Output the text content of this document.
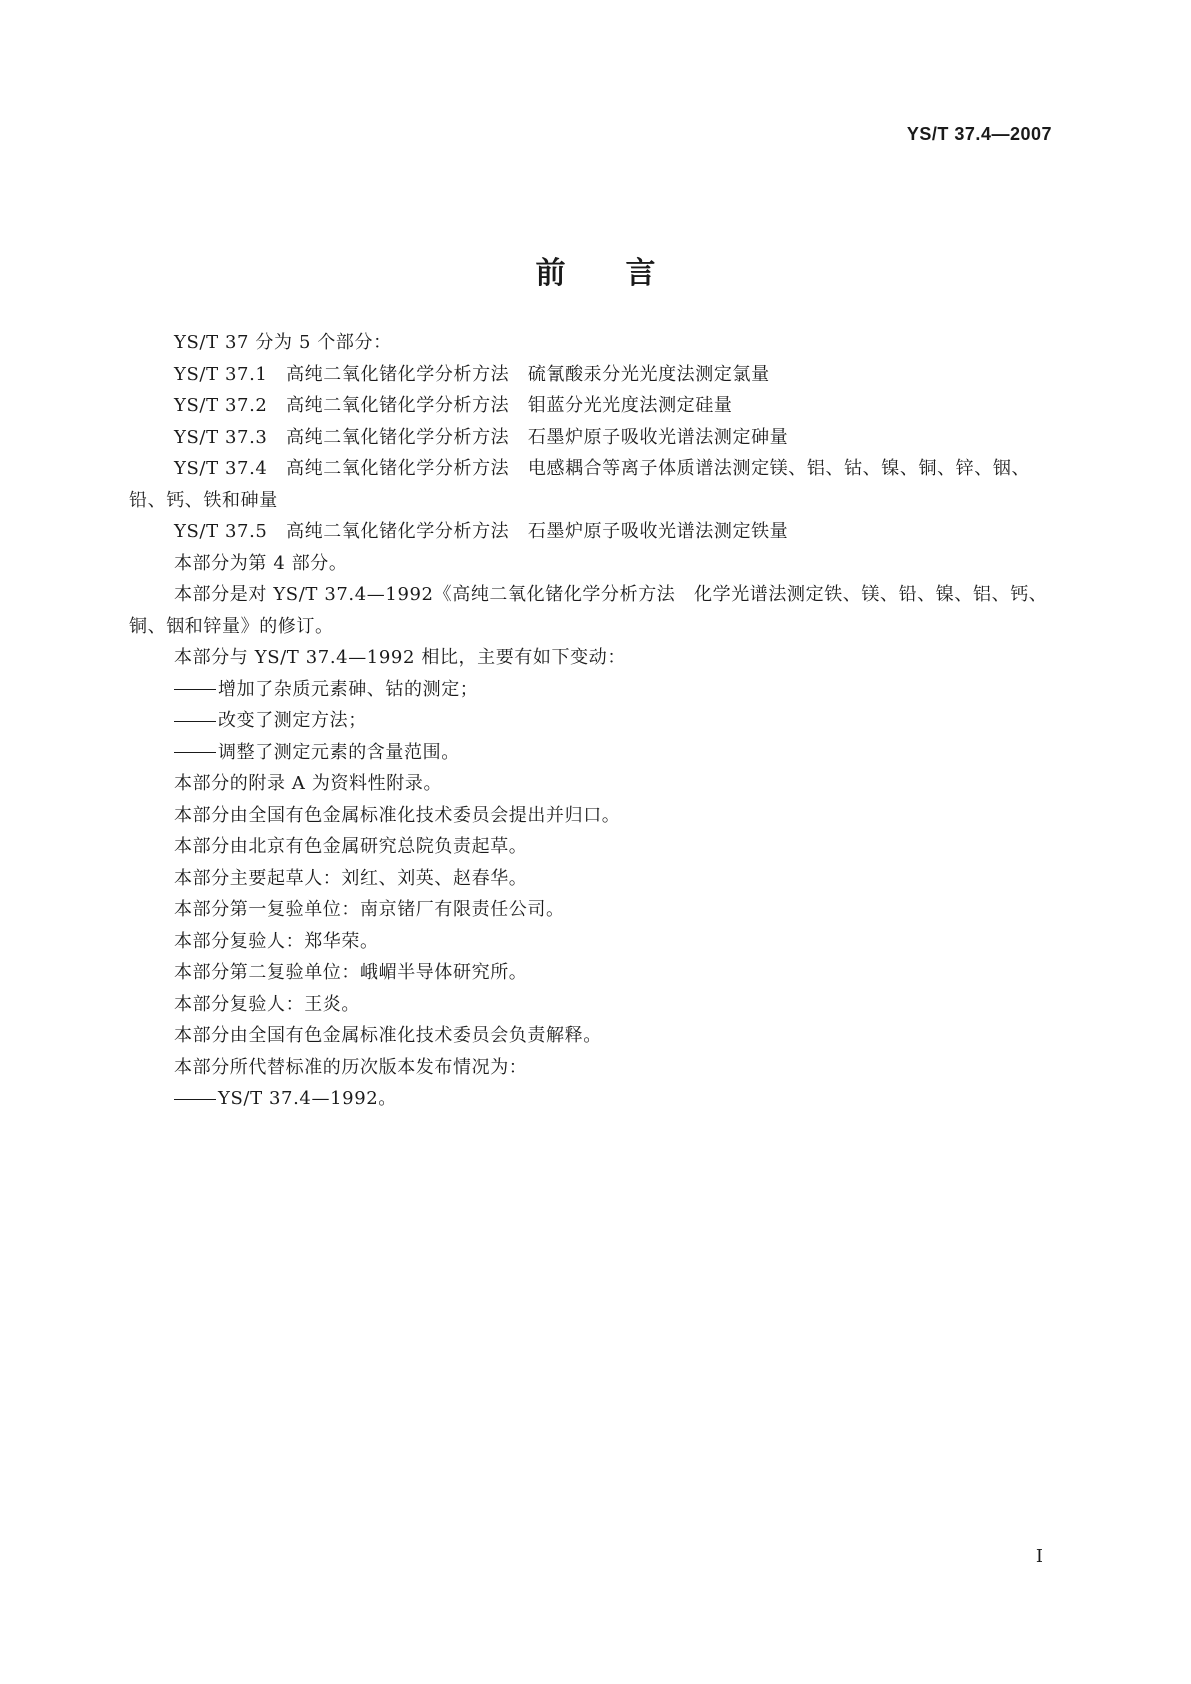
YS/T 37.4—2007
前言

YS/T 37 分为 5 个部分：

YS/T 37.1　高纯二氧化锗化学分析方法　硫氰酸汞分光光度法测定氯量

YS/T 37.2　高纯二氧化锗化学分析方法　钼蓝分光光度法测定硅量

YS/T 37.3　高纯二氧化锗化学分析方法　石墨炉原子吸收光谱法测定砷量

YS/T 37.4　高纯二氧化锗化学分析方法　电感耦合等离子体质谱法测定镁、铝、钴、镍、铜、锌、铟、铅、钙、铁和砷量

YS/T 37.5　高纯二氧化锗化学分析方法　石墨炉原子吸收光谱法测定铁量

本部分为第 4 部分。

本部分是对 YS/T 37.4—1992《高纯二氧化锗化学分析方法　化学光谱法测定铁、镁、铅、镍、铝、钙、铜、铟和锌量》的修订。

本部分与 YS/T 37.4—1992 相比，主要有如下变动：

增加了杂质元素砷、钴的测定；

改变了测定方法；

调整了测定元素的含量范围。

本部分的附录 A 为资料性附录。

本部分由全国有色金属标准化技术委员会提出并归口。

本部分由北京有色金属研究总院负责起草。

本部分主要起草人：刘红、刘英、赵春华。

本部分第一复验单位：南京锗厂有限责任公司。

本部分复验人：郑华荣。

本部分第二复验单位：峨嵋半导体研究所。

本部分复验人：王炎。

本部分由全国有色金属标准化技术委员会负责解释。

本部分所代替标准的历次版本发布情况为：

YS/T 37.4—1992。

I
